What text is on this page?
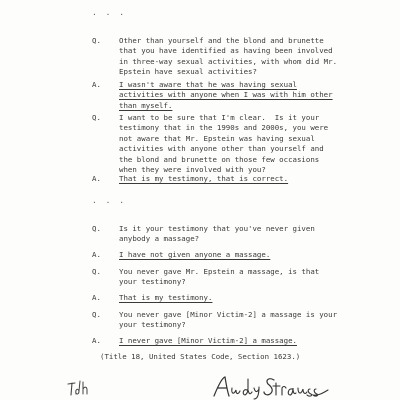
. . .
Q. Other than yourself and the blond and brunette
that you have identified as having been involved
in three-way sexual activities, with whom did Mr.
Epstein have sexual activities?
A. I wasn't aware that he was having sexual
activities with anyone when I was with him other
than myself.
Q. I want to be sure that I'm clear.  Is it your
testimony that in the 1990s and 2000s, you were
not aware that Mr. Epstein was having sexual
activities with anyone other than yourself and
the blond and brunette on those few occasions
when they were involved with you?
A. That is my testimony, that is correct.
. . .
Q. Is it your testimony that you've never given
anybody a massage?
A. I have not given anyone a massage.
Q. You never gave Mr. Epstein a massage, is that
your testimony?
A. That is my testimony.
Q. You never gave [Minor Victim-2] a massage is your
your testimony?
A. I never gave [Minor Victim-2] a massage.
(Title 18, United States Code, Section 1623.)
